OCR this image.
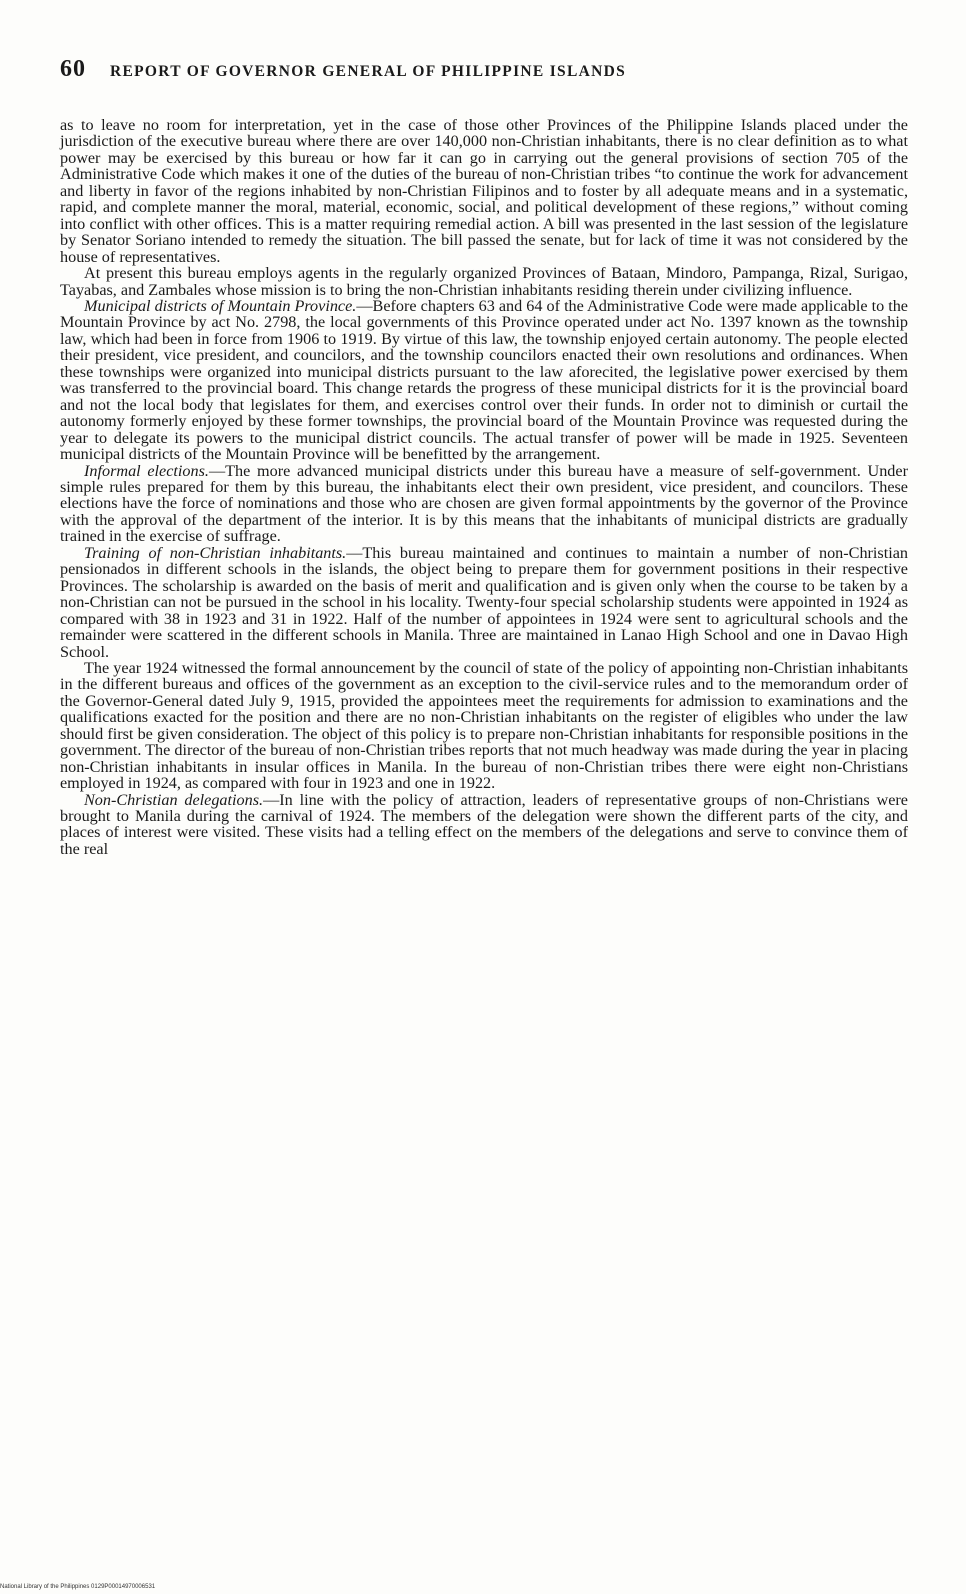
60 REPORT OF GOVERNOR GENERAL OF PHILIPPINE ISLANDS

as to leave no room for interpretation, yet in the case of those other Provinces of the Philippine Islands placed under the jurisdiction of the executive bureau where there are over 140,000 non-Christian inhabitants, there is no clear definition as to what power may be exercised by this bureau or how far it can go in carrying out the general provisions of section 705 of the Administrative Code which makes it one of the duties of the bureau of non-Christian tribes “to continue the work for advancement and liberty in favor of the regions inhabited by non-Christian Filipinos and to foster by all adequate means and in a systematic, rapid, and complete manner the moral, material, economic, social, and political development of these regions,” without coming into conflict with other offices. This is a matter requiring remedial action. A bill was presented in the last session of the legislature by Senator Soriano intended to remedy the situation. The bill passed the senate, but for lack of time it was not considered by the house of representatives.

At present this bureau employs agents in the regularly organized Provinces of Bataan, Mindoro, Pampanga, Rizal, Surigao, Tayabas, and Zambales whose mission is to bring the non-Christian inhabitants residing therein under civilizing influence.

Municipal districts of Mountain Province.—Before chapters 63 and 64 of the Administrative Code were made applicable to the Mountain Province by act No. 2798, the local governments of this Province operated under act No. 1397 known as the township law, which had been in force from 1906 to 1919. By virtue of this law, the township enjoyed certain autonomy. The people elected their president, vice president, and councilors, and the township councilors enacted their own resolutions and ordinances. When these townships were organized into municipal districts pursuant to the law aforecited, the legislative power exercised by them was transferred to the provincial board. This change retards the progress of these municipal districts for it is the provincial board and not the local body that legislates for them, and exercises control over their funds. In order not to diminish or curtail the autonomy formerly enjoyed by these former townships, the provincial board of the Mountain Province was requested during the year to delegate its powers to the municipal district councils. The actual transfer of power will be made in 1925. Seventeen municipal districts of the Mountain Province will be benefitted by the arrangement.

Informal elections.—The more advanced municipal districts under this bureau have a measure of self-government. Under simple rules prepared for them by this bureau, the inhabitants elect their own president, vice president, and councilors. These elections have the force of nominations and those who are chosen are given formal appointments by the governor of the Province with the approval of the department of the interior. It is by this means that the inhabitants of municipal districts are gradually trained in the exercise of suffrage.

Training of non-Christian inhabitants.—This bureau maintained and continues to maintain a number of non-Christian pensionados in different schools in the islands, the object being to prepare them for government positions in their respective Provinces. The scholarship is awarded on the basis of merit and qualification and is given only when the course to be taken by a non-Christian can not be pursued in the school in his locality. Twenty-four special scholarship students were appointed in 1924 as compared with 38 in 1923 and 31 in 1922. Half of the number of appointees in 1924 were sent to agricultural schools and the remainder were scattered in the different schools in Manila. Three are maintained in Lanao High School and one in Davao High School.

The year 1924 witnessed the formal announcement by the council of state of the policy of appointing non-Christian inhabitants in the different bureaus and offices of the government as an exception to the civil-service rules and to the memorandum order of the Governor-General dated July 9, 1915, provided the appointees meet the requirements for admission to examinations and the qualifications exacted for the position and there are no non-Christian inhabitants on the register of eligibles who under the law should first be given consideration. The object of this policy is to prepare non-Christian inhabitants for responsible positions in the government. The director of the bureau of non-Christian tribes reports that not much headway was made during the year in placing non-Christian inhabitants in insular offices in Manila. In the bureau of non-Christian tribes there were eight non-Christians employed in 1924, as compared with four in 1923 and one in 1922.

Non-Christian delegations.—In line with the policy of attraction, leaders of representative groups of non-Christians were brought to Manila during the carnival of 1924. The members of the delegation were shown the different parts of the city, and places of interest were visited. These visits had a telling effect on the members of the delegations and serve to convince them of the real

National Library of the Philippines 0129P00014970006531
